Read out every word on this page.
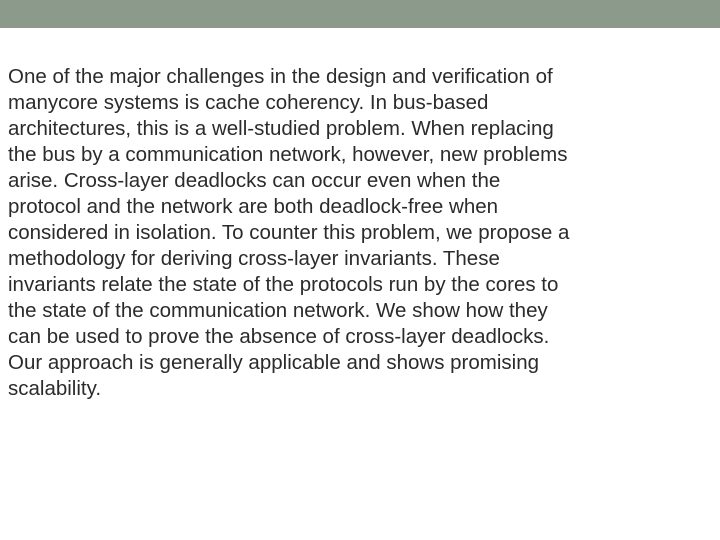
One of the major challenges in the design and verification of
manycore systems is cache coherency. In bus-based
architectures, this is a well-studied problem. When replacing
the bus by a communication network, however, new problems
arise. Cross-layer deadlocks can occur even when the
protocol and the network are both deadlock-free when
considered in isolation. To counter this problem, we propose a
methodology for deriving cross-layer invariants. These
invariants relate the state of the protocols run by the cores to
the state of the communication network. We show how they
can be used to prove the absence of cross-layer deadlocks.
Our approach is generally applicable and shows promising
scalability.
